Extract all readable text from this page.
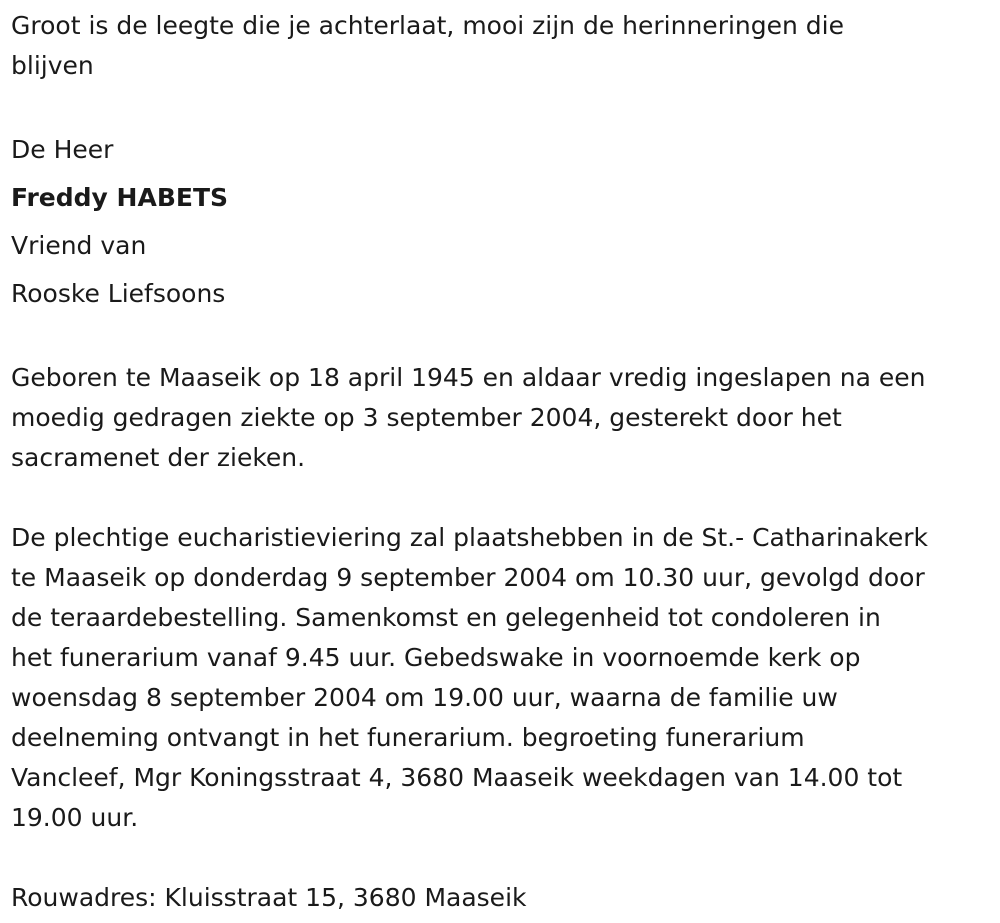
Groot is de leegte die je achterlaat, mooi zijn de herinneringen die

blijven

De Heer

Freddy HABETS

Vriend van

Rooske Liefsoons

Geboren te Maaseik op 18 april 1945 en aldaar vredig ingeslapen na een

moedig gedragen ziekte op 3 september 2004, gesterekt door het

sacramenet der zieken.

De plechtige eucharistieviering zal plaatshebben in de St.- Catharinakerk

te Maaseik op donderdag 9 september 2004 om 10.30 uur, gevolgd door

de teraardebestelling. Samenkomst en gelegenheid tot condoleren in

het funerarium vanaf 9.45 uur. Gebedswake in voornoemde kerk op

woensdag 8 september 2004 om 19.00 uur, waarna de familie uw

deelneming ontvangt in het funerarium. begroeting funerarium

Vancleef, Mgr Koningsstraat 4, 3680 Maaseik weekdagen van 14.00 tot

19.00 uur.

Rouwadres: Kluisstraat 15, 3680 Maaseik
